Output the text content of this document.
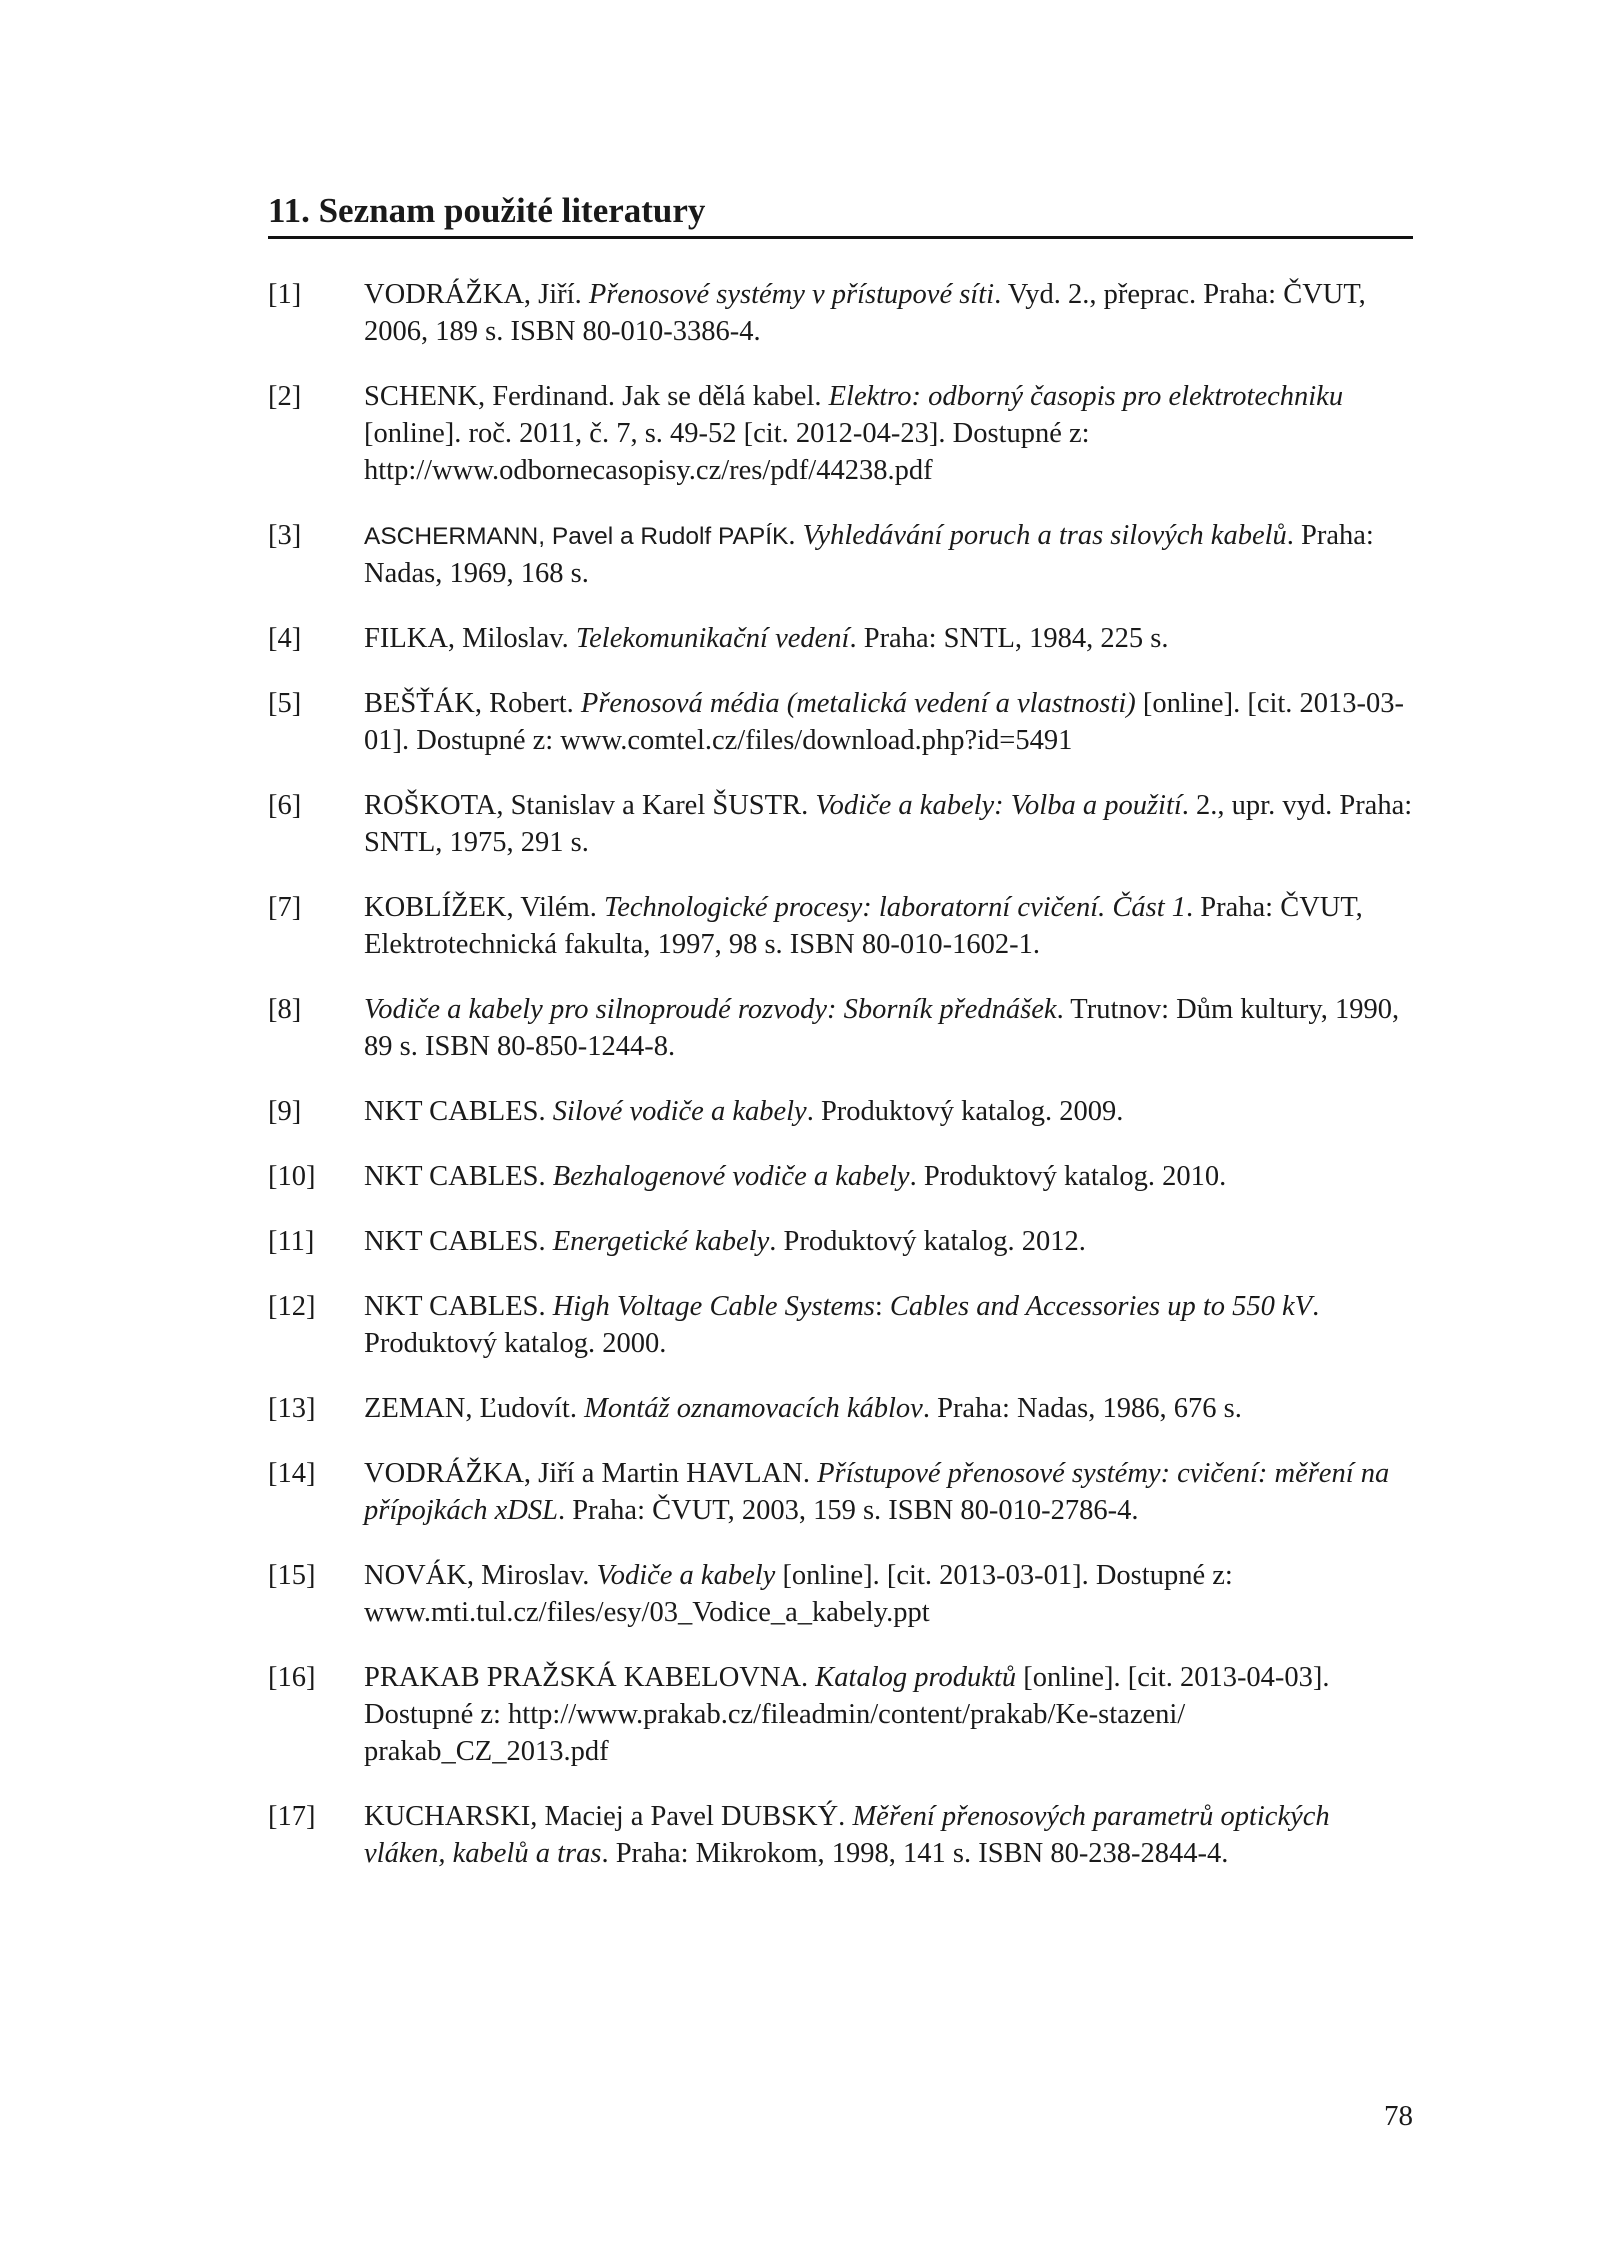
11. Seznam použité literatury
[1]	VODRÁŽKA, Jiří. Přenosové systémy v přístupové síti. Vyd. 2., přeprac. Praha: ČVUT, 2006, 189 s. ISBN 80-010-3386-4.
[2]	SCHENK, Ferdinand. Jak se dělá kabel. Elektro: odborný časopis pro elektrotechniku [online]. roč. 2011, č. 7, s. 49-52 [cit. 2012-04-23]. Dostupné z: http://www.odbornecasopisy.cz/res/pdf/44238.pdf
[3]	ASCHERMANN, Pavel a Rudolf PAPÍK. Vyhledávání poruch a tras silových kabelů. Praha: Nadas, 1969, 168 s.
[4]	FILKA, Miloslav. Telekomunikační vedení. Praha: SNTL, 1984, 225 s.
[5]	BEŠŤÁK, Robert. Přenosová média (metalická vedení a vlastnosti) [online]. [cit. 2013-03-01]. Dostupné z: www.comtel.cz/files/download.php?id=5491
[6]	ROŠKOTA, Stanislav a Karel ŠUSTR. Vodiče a kabely: Volba a použití. 2., upr. vyd. Praha: SNTL, 1975, 291 s.
[7]	KOBLÍŽEK, Vilém. Technologické procesy: laboratorní cvičení. Část 1. Praha: ČVUT, Elektrotechnická fakulta, 1997, 98 s. ISBN 80-010-1602-1.
[8]	Vodiče a kabely pro silnoproudé rozvody: Sborník přednášek. Trutnov: Dům kultury, 1990, 89 s. ISBN 80-850-1244-8.
[9]	NKT CABLES. Silové vodiče a kabely. Produktový katalog. 2009.
[10]	NKT CABLES. Bezhalogenové vodiče a kabely. Produktový katalog. 2010.
[11]	NKT CABLES. Energetické kabely. Produktový katalog. 2012.
[12]	NKT CABLES. High Voltage Cable Systems: Cables and Accessories up to 550 kV. Produktový katalog. 2000.
[13]	ZEMAN, Ľudovít. Montáž oznamovacích káblov. Praha: Nadas, 1986, 676 s.
[14]	VODRÁŽKA, Jiří a Martin HAVLAN. Přístupové přenosové systémy: cvičení: měření na přípojkách xDSL. Praha: ČVUT, 2003, 159 s. ISBN 80-010-2786-4.
[15]	NOVÁK, Miroslav. Vodiče a kabely [online]. [cit. 2013-03-01]. Dostupné z: www.mti.tul.cz/files/esy/03_Vodice_a_kabely.ppt
[16]	PRAKAB PRAŽSKÁ KABELOVNA. Katalog produktů [online]. [cit. 2013-04-03]. Dostupné z: http://www.prakab.cz/fileadmin/content/prakab/Ke-stazeni/ prakab_CZ_2013.pdf
[17]	KUCHARSKI, Maciej a Pavel DUBSKÝ. Měření přenosových parametrů optických vláken, kabelů a tras. Praha: Mikrokom, 1998, 141 s. ISBN 80-238-2844-4.
78
